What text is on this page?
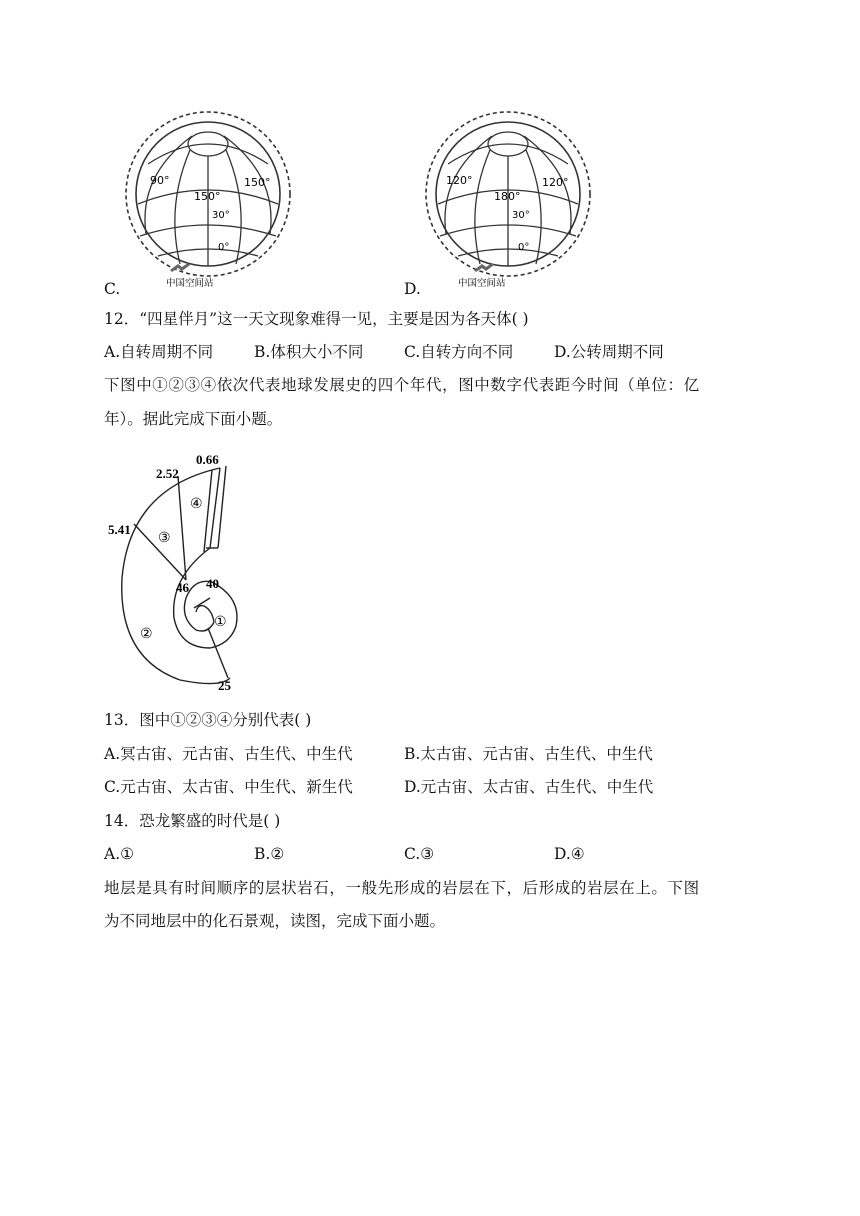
90°
150°
150°
30°
0°
中国空间站
C.
120°
180°
120°
30°
0°
中国空间站
D.
12．“四星伴月”这一天文现象难得一见，主要是因为各天体( )
A.自转周期不同	B.体积大小不同	C.自转方向不同	D.公转周期不同
下图中①②③④依次代表地球发展史的四个年代，图中数字代表距今时间（单位：亿
年）。据此完成下面小题。
0.66
2.52
5.41
46 40
25
①
②
③
④
13．图中①②③④分别代表( )
A.冥古宙、元古宙、古生代、中生代	B.太古宙、元古宙、古生代、中生代
C.元古宙、太古宙、中生代、新生代	D.元古宙、太古宙、古生代、中生代
14．恐龙繁盛的时代是( )
A.①	B.②	C.③	D.④
地层是具有时间顺序的层状岩石，一般先形成的岩层在下，后形成的岩层在上。下图
为不同地层中的化石景观，读图，完成下面小题。
